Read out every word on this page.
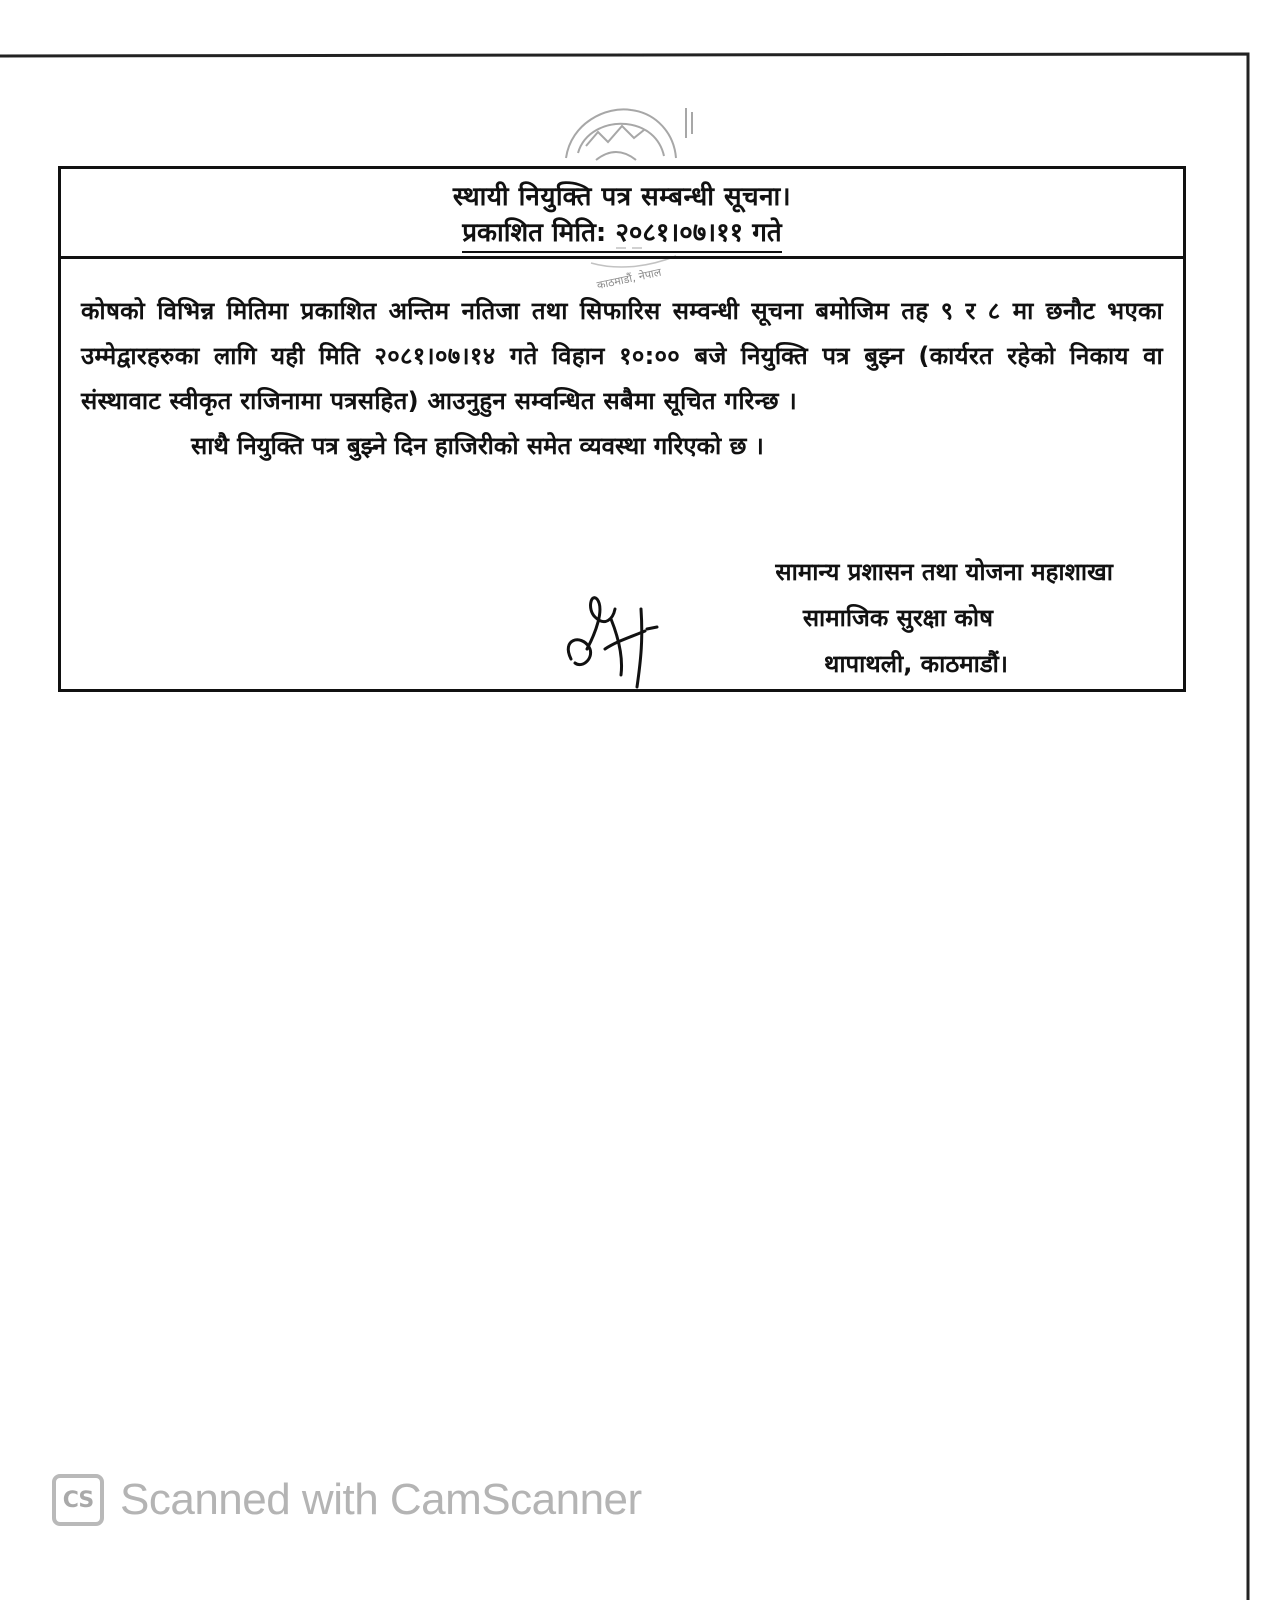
काठमाडौं, नेपाल
स्थायी नियुक्ति पत्र सम्बन्धी सूचना।
प्रकाशित मिति: २०८१।०७।११ गते

कोषको विभिन्न मितिमा प्रकाशित अन्तिम नतिजा तथा सिफारिस सम्वन्धी सूचना बमोजिम तह ९ र ८ मा छनौट भएका उम्मेद्वारहरुका लागि यही मिति २०८१।०७।१४ गते विहान १०:०० बजे नियुक्ति पत्र बुझ्न (कार्यरत रहेको निकाय वा संस्थावाट स्वीकृत राजिनामा पत्रसहित) आउनुहुन सम्वन्धित सबैमा सूचित गरिन्छ ।

साथै नियुक्ति पत्र बुझ्ने दिन हाजिरीको समेत व्यवस्था गरिएको छ ।

सामान्य प्रशासन तथा योजना महाशाखा
सामाजिक सुरक्षा कोष
थापाथली, काठमाडौं।
CS Scanned with CamScanner
